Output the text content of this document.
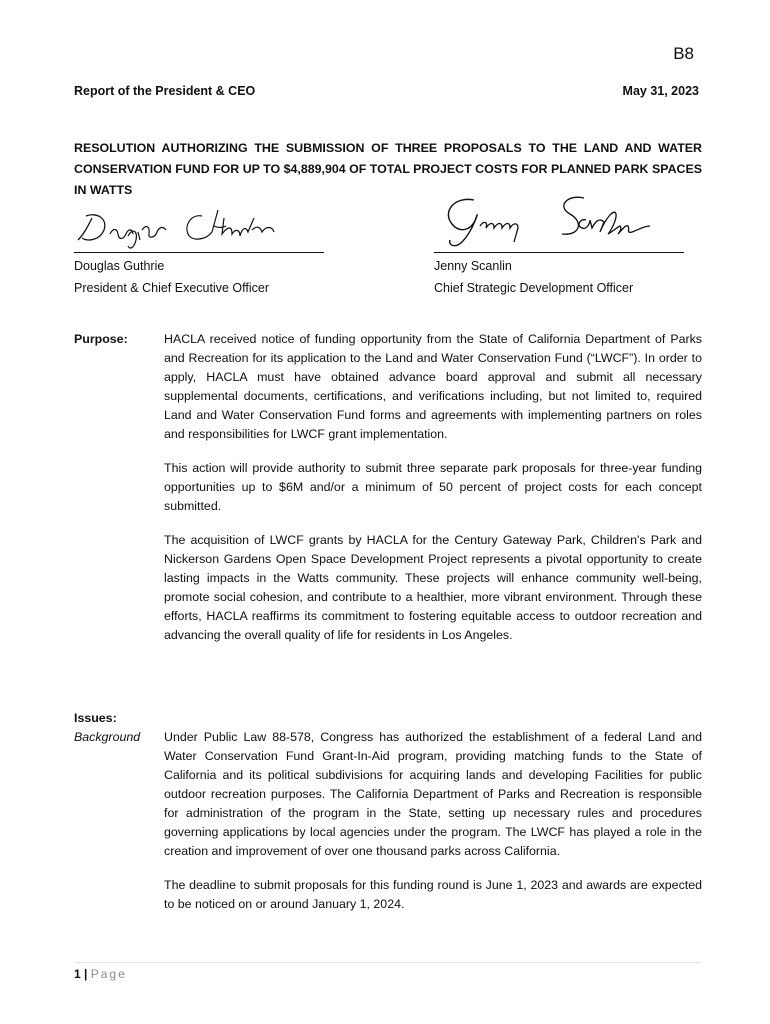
B8
Report of the President & CEO	May 31, 2023
RESOLUTION AUTHORIZING THE SUBMISSION OF THREE PROPOSALS TO THE LAND AND WATER CONSERVATION FUND FOR UP TO $4,889,904 OF TOTAL PROJECT COSTS FOR PLANNED PARK SPACES IN WATTS
Douglas Guthrie
President & Chief Executive Officer
Jenny Scanlin
Chief Strategic Development Officer
Purpose:	HACLA received notice of funding opportunity from the State of California Department of Parks and Recreation for its application to the Land and Water Conservation Fund (“LWCF”). In order to apply, HACLA must have obtained advance board approval and submit all necessary supplemental documents, certifications, and verifications including, but not limited to, required Land and Water Conservation Fund forms and agreements with implementing partners on roles and responsibilities for LWCF grant implementation.

This action will provide authority to submit three separate park proposals for three-year funding opportunities up to $6M and/or a minimum of 50 percent of project costs for each concept submitted.

The acquisition of LWCF grants by HACLA for the Century Gateway Park, Children's Park and Nickerson Gardens Open Space Development Project represents a pivotal opportunity to create lasting impacts in the Watts community. These projects will enhance community well-being, promote social cohesion, and contribute to a healthier, more vibrant environment. Through these efforts, HACLA reaffirms its commitment to fostering equitable access to outdoor recreation and advancing the overall quality of life for residents in Los Angeles.

Issues:
Background	Under Public Law 88-578, Congress has authorized the establishment of a federal Land and Water Conservation Fund Grant-In-Aid program, providing matching funds to the State of California and its political subdivisions for acquiring lands and developing Facilities for public outdoor recreation purposes. The California Department of Parks and Recreation is responsible for administration of the program in the State, setting up necessary rules and procedures governing applications by local agencies under the program. The LWCF has played a role in the creation and improvement of over one thousand parks across California.

The deadline to submit proposals for this funding round is June 1, 2023 and awards are expected to be noticed on or around January 1, 2024.

1 | Page
